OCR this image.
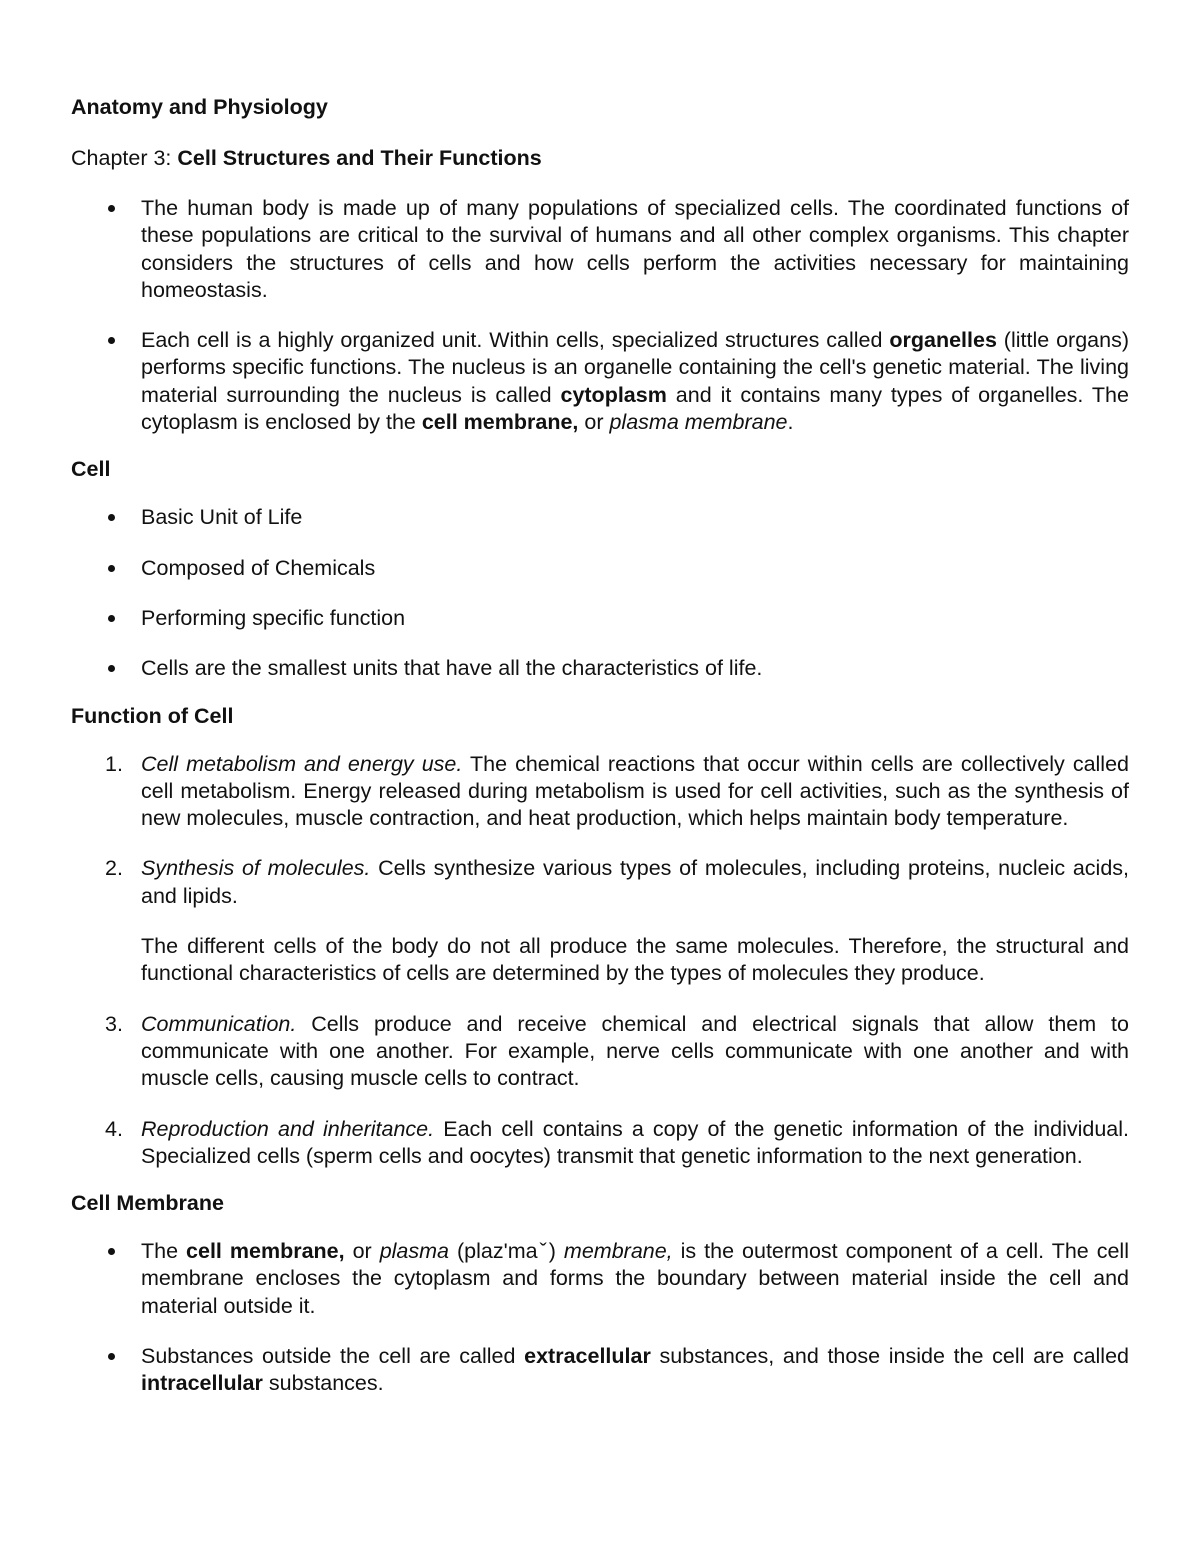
Anatomy and Physiology

Chapter 3: Cell Structures and Their Functions

The human body is made up of many populations of specialized cells. The coordinated functions of these populations are critical to the survival of humans and all other complex organisms. This chapter considers the structures of cells and how cells perform the activities necessary for maintaining homeostasis.
Each cell is a highly organized unit. Within cells, specialized structures called organelles (little organs) performs specific functions. The nucleus is an organelle containing the cell's genetic material. The living material surrounding the nucleus is called cytoplasm and it contains many types of organelles. The cytoplasm is enclosed by the cell membrane, or plasma membrane.

Cell

Basic Unit of Life
Composed of Chemicals
Performing specific function
Cells are the smallest units that have all the characteristics of life.

Function of Cell

1. Cell metabolism and energy use. The chemical reactions that occur within cells are collectively called cell metabolism. Energy released during metabolism is used for cell activities, such as the synthesis of new molecules, muscle contraction, and heat production, which helps maintain body temperature.
2. Synthesis of molecules. Cells synthesize various types of molecules, including proteins, nucleic acids, and lipids.

The different cells of the body do not all produce the same molecules. Therefore, the structural and functional characteristics of cells are determined by the types of molecules they produce.

3. Communication. Cells produce and receive chemical and electrical signals that allow them to communicate with one another. For example, nerve cells communicate with one another and with muscle cells, causing muscle cells to contract.
4. Reproduction and inheritance. Each cell contains a copy of the genetic information of the individual. Specialized cells (sperm cells and oocytes) transmit that genetic information to the next generation.

Cell Membrane

The cell membrane, or plasma (plaz'maˇ) membrane, is the outermost component of a cell. The cell membrane encloses the cytoplasm and forms the boundary between material inside the cell and material outside it.
Substances outside the cell are called extracellular substances, and those inside the cell are called intracellular substances.
